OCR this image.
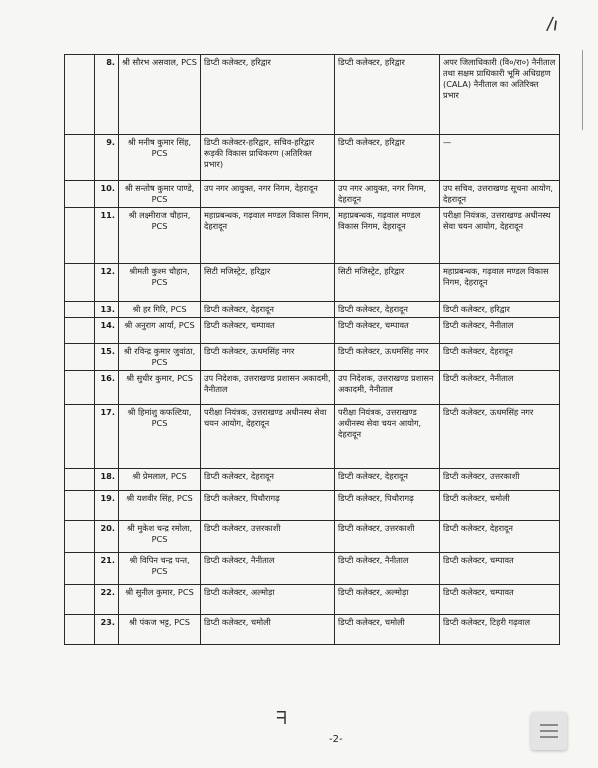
/ı
	8.	श्री सौरभ असवाल, PCS	डिप्टी कलेक्टर, हरिद्वार	डिप्टी कलेक्टर, हरिद्वार	अपर जिलाधिकारी (वि०/रा०) नैनीताल तथा सक्षम प्राधिकारी भूमि अधिग्रहण (CALA) नैनीताल का अतिरिक्त प्रभार
	9.	श्री मनीष कुमार सिंह, PCS	डिप्टी कलेक्टर-हरिद्वार, सचिव-हरिद्वार रूड़की विकास प्राधिकरण (अतिरिक्त प्रभार)	डिप्टी कलेक्टर, हरिद्वार	—
	10.	श्री सन्तोष कुमार पाण्डे, PCS	उप नगर आयुक्त, नगर निगम, देहरादून	उप नगर आयुक्त, नगर निगम, देहरादून	उप सचिव, उत्तराखण्ड सूचना आयोग, देहरादून
	11.	श्री लक्ष्मीराज चौहान, PCS	महाप्रबन्धक, गढ़वाल मण्डल विकास निगम, देहरादून	महाप्रबन्धक, गढ़वाल मण्डल विकास निगम, देहरादून	परीक्षा नियंत्रक, उत्तराखण्ड अधीनस्थ सेवा चयन आयोग, देहरादून
	12.	श्रीमती कुश्म चौहान, PCS	सिटी मजिस्ट्रेट, हरिद्वार	सिटी मजिस्ट्रेट, हरिद्वार	महाप्रबन्धक, गढ़वाल मण्डल विकास निगम, देहरादून
	13.	श्री हर गिरि, PCS	डिप्टी कलेक्टर, देहरादून	डिप्टी कलेक्टर, देहरादून	डिप्टी कलेक्टर, हरिद्वार
	14.	श्री अनुराग आर्या, PCS	डिप्टी कलेक्टर, चम्पावत	डिप्टी कलेक्टर, चम्पावत	डिप्टी कलेक्टर, नैनीताल
	15.	श्री रविन्द्र कुमार जुवांठा, PCS	डिप्टी कलेक्टर, ऊधमसिंह नगर	डिप्टी कलेक्टर, ऊधमसिंह नगर	डिप्टी कलेक्टर, देहरादून
	16.	श्री सुधीर कुमार, PCS	उप निदेशक, उत्तराखण्ड प्रशासन अकादमी, नैनीताल	उप निदेशक, उत्तराखण्ड प्रशासन अकादमी, नैनीताल	डिप्टी कलेक्टर, नैनीताल
	17.	श्री हिमांशु कफल्टिया, PCS	परीक्षा नियंत्रक, उत्तराखण्ड अधीनस्थ सेवा चयन आयोग, देहरादून	परीक्षा नियंत्रक, उत्तराखण्ड अधीनस्थ सेवा चयन आयोग, देहरादून	डिप्टी कलेक्टर, ऊधमसिंह नगर
	18.	श्री प्रेमलाल, PCS	डिप्टी कलेक्टर, देहरादून	डिप्टी कलेक्टर, देहरादून	डिप्टी कलेक्टर, उत्तरकाशी
	19.	श्री यशवीर सिंह, PCS	डिप्टी कलेक्टर, पिथौरागढ़	डिप्टी कलेक्टर, पिथौरागढ़	डिप्टी कलेक्टर, चमोली
	20.	श्री मुकेश चन्द्र रमोला, PCS	डिप्टी कलेक्टर, उत्तरकाशी	डिप्टी कलेक्टर, उत्तरकाशी	डिप्टी कलेक्टर, देहरादून
	21.	श्री विपिन चन्द्र पन्त, PCS	डिप्टी कलेक्टर, नैनीताल	डिप्टी कलेक्टर, नैनीताल	डिप्टी कलेक्टर, चम्पावत
	22.	श्री सुनील कुमार, PCS	डिप्टी कलेक्टर, अल्मोड़ा	डिप्टी कलेक्टर, अल्मोड़ा	डिप्टी कलेक्टर, चम्पावत
	23.	श्री पंकज भट्ट, PCS	डिप्टी कलेक्टर, चमोली	डिप्टी कलेक्टर, चमोली	डिप्टी कलेक्टर, टिहरी गढ़वाल
ᖷ
-2-
